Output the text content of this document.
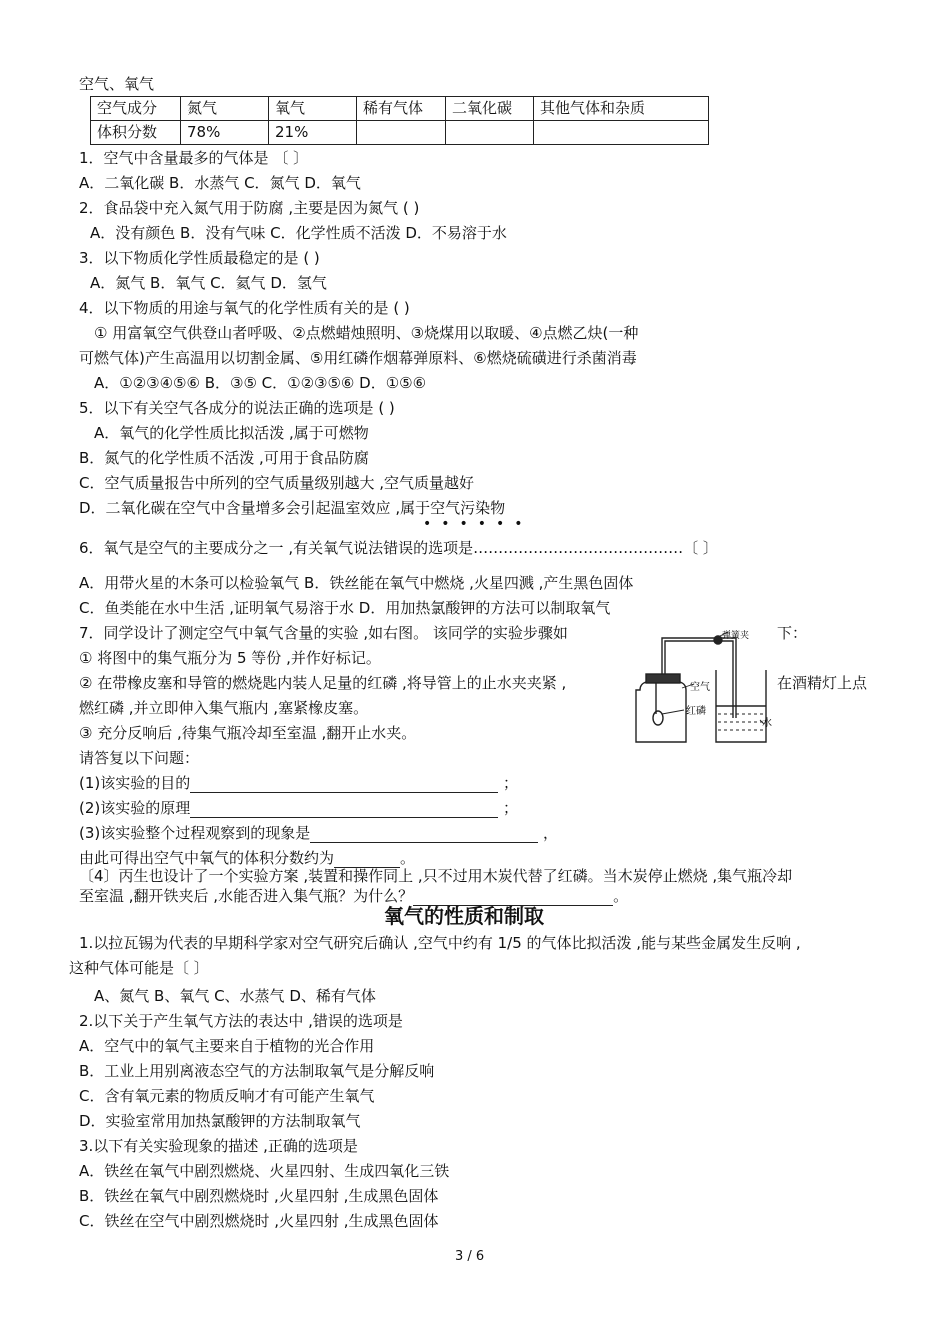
空气、氧气
空气成分	氮气	氧气	稀有气体	二氧化碳	其他气体和杂质
体积分数	78%	21%			
1．空气中含量最多的气体是 〔 〕
A．二氧化碳 B．水蒸气 C．氮气 D．氧气
2．食品袋中充入氮气用于防腐 ,主要是因为氮气 ( )
A．没有颜色 B．没有气味 C．化学性质不活泼 D．不易溶于水
3．以下物质化学性质最稳定的是 ( )
A．氮气 B．氧气 C．氦气 D．氢气
4．以下物质的用途与氧气的化学性质有关的是 ( )
① 用富氧空气供登山者呼吸、②点燃蜡烛照明、③烧煤用以取暖、④点燃乙炔(一种
可燃气体)产生高温用以切割金属、⑤用红磷作烟幕弹原料、⑥燃烧硫磺进行杀菌消毒
A．①②③④⑤⑥ B．③⑤ C．①②③⑤⑥ D．①⑤⑥
5．以下有关空气各成分的说法正确的选项是 ( )
A．氧气的化学性质比拟活泼 ,属于可燃物
B．氮气的化学性质不活泼 ,可用于食品防腐
C．空气质量报告中所列的空气质量级别越大 ,空气质量越好
D．二氧化碳在空气中含量增多会引起温室效应 ,属于空气污染物
••••••
6．氧气是空气的主要成分之一 ,有关氧气说法错误的选项是……………………………………〔 〕
A．用带火星的木条可以检验氧气 B．铁丝能在氧气中燃烧 ,火星四溅 ,产生黑色固体
C．鱼类能在水中生活 ,证明氧气易溶于水 D．用加热氯酸钾的方法可以制取氧气
7．同学设计了测定空气中氧气含量的实验 ,如右图。 该同学的实验步骤如	下：
① 将图中的集气瓶分为 5 等份 ,并作好标记。
② 在带橡皮塞和导管的燃烧匙内装人足量的红磷 ,将导管上的止水夹夹紧 ,	在酒精灯上点
燃红磷 ,并立即伸入集气瓶内 ,塞紧橡皮塞。
③ 充分反响后 ,待集气瓶冷却至室温 ,翻开止水夹。
请答复以下问题：
(1)该实验的目的	；
(2)该实验的原理	；
(3)该实验整个过程观察到的现象是	，
由此可得出空气中氧气的体积分数约为	。
〔4〕丙生也设计了一个实验方案 ,装置和操作同上 ,只不过用木炭代替了红磷。当木炭停止燃烧 ,集气瓶冷却
至室温 ,翻开铁夹后 ,水能否进入集气瓶？为什么？	。
氧气的性质和制取
1.以拉瓦锡为代表的早期科学家对空气研究后确认 ,空气中约有 1/5 的气体比拟活泼 ,能与某些金属发生反响 ,
这种气体可能是〔 〕
A、氮气 B、氧气 C、水蒸气 D、稀有气体
2.以下关于产生氧气方法的表达中 ,错误的选项是
A．空气中的氧气主要来自于植物的光合作用
B．工业上用别离液态空气的方法制取氧气是分解反响
C．含有氧元素的物质反响才有可能产生氧气
D．实验室常用加热氯酸钾的方法制取氧气
3.以下有关实验现象的描述 ,正确的选项是
A．铁丝在氧气中剧烈燃烧、火星四射、生成四氧化三铁
B．铁丝在氧气中剧烈燃烧时 ,火星四射 ,生成黑色固体
C．铁丝在空气中剧烈燃烧时 ,火星四射 ,生成黑色固体
3 / 6
弹簧夹
空气
红磷
水
